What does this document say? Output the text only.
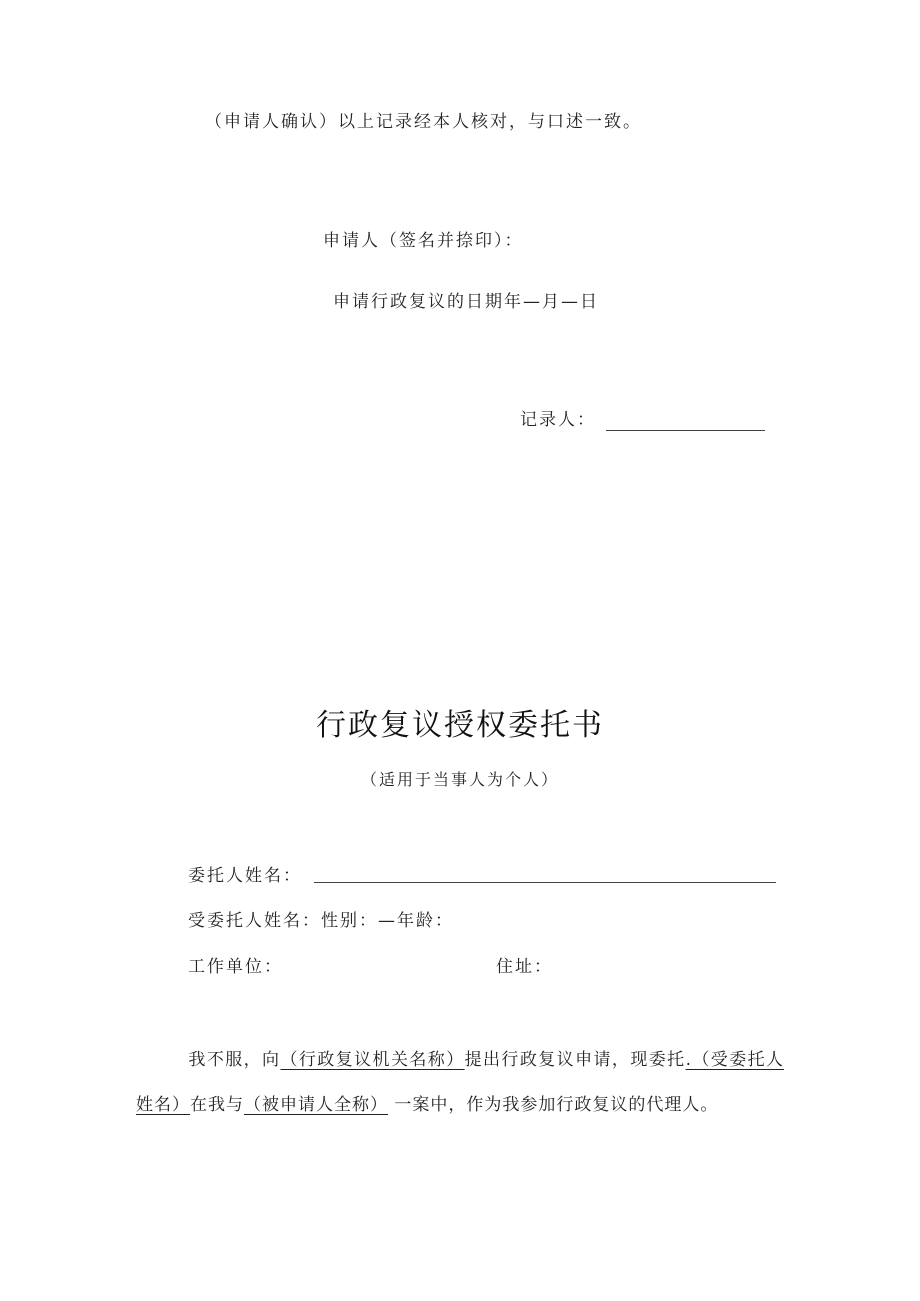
（申请人确认）以上记录经本人核对，与口述一致。
申请人（签名并捺印）：
申请行政复议的日期年—月—日
记录人：
行政复议授权委托书
（适用于当事人为个人）
委托人姓名：
受委托人姓名：性别：—年龄：
工作单位：	住址：
我不服，向（行政复议机关名称）提出行政复议申请，现委托.（受委托人姓名）在我与（被申请人全称） 一案中，作为我参加行政复议的代理人。
